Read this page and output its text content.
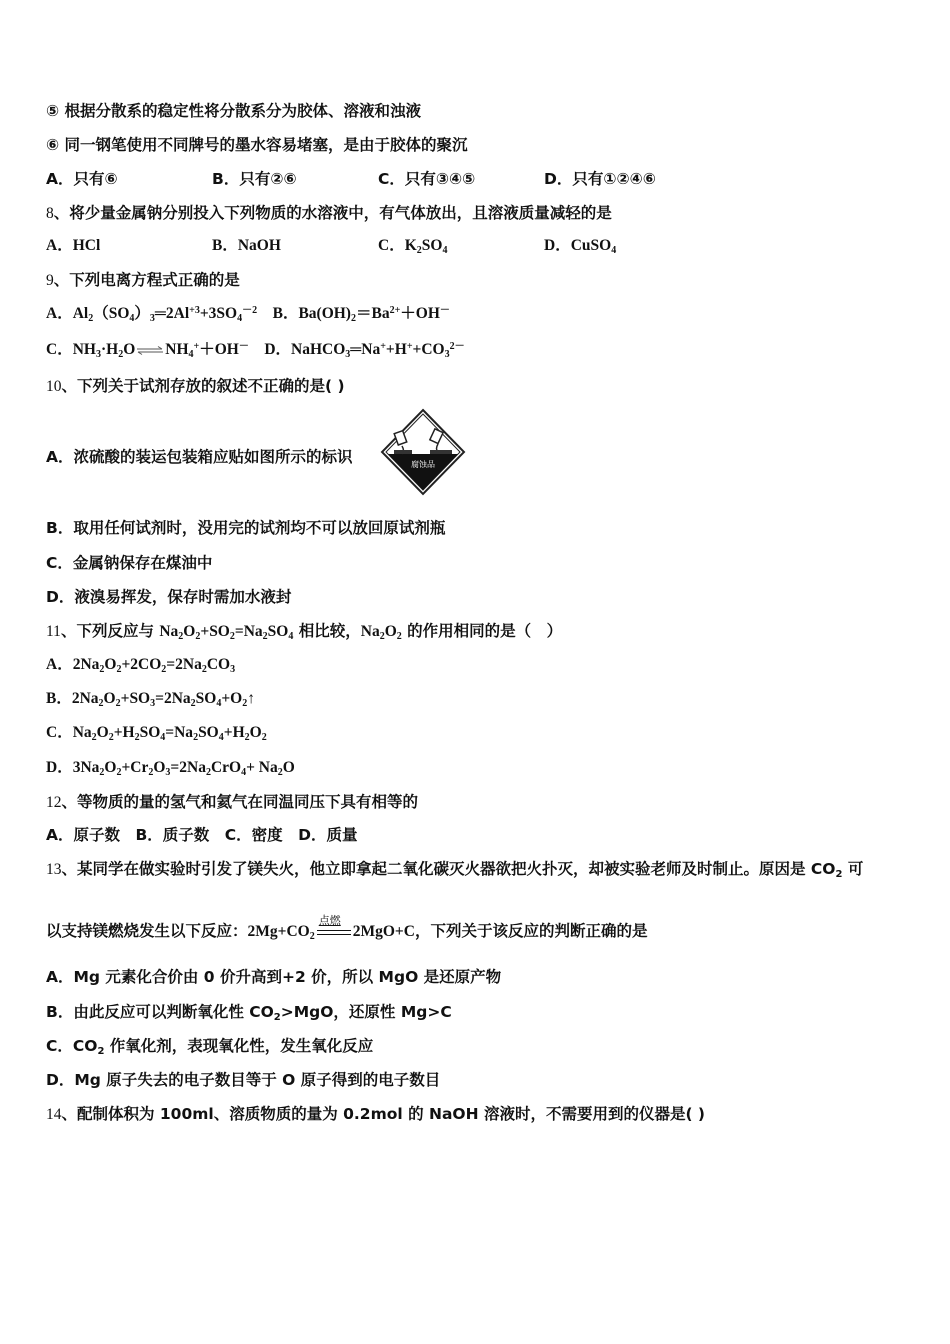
⑤ 根据分散系的稳定性将分散系分为胶体、溶液和浊液
⑥ 同一钢笔使用不同牌号的墨水容易堵塞，是由于胶体的聚沉
A．只有⑥	B．只有②⑥	C．只有③④⑤	D．只有①②④⑥
8、将少量金属钠分别投入下列物质的水溶液中，有气体放出，且溶液质量减轻的是
A．HCl	B．NaOH	C．$K_2SO_4$	D．CuSO$_4$
9、下列电离方程式正确的是
A．$Al_2(SO_4)_3═2Al^{+3}+3SO_4^{-2}$　B．$Ba(OH)_2=Ba^{2+}+OH^-$
C．$NH_3\cdot H_2O\rightleftharpoons NH_4^++OH^-$　D．$NaHCO_3═Na^++H^++CO_3^{2-}$
10、下列关于试剂存放的叙述不正确的是( )
A．浓硫酸的装运包装箱应贴如图所示的标识	腐蚀品
B．取用任何试剂时，没用完的试剂均不可以放回原试剂瓶
C．金属钠保存在煤油中
D．液溴易挥发，保存时需加水液封
11、下列反应与 $Na_2O_2+SO_2=Na_2SO_4$ 相比较，$Na_2O_2$ 的作用相同的是（　）
A．$2Na_2O_2+2CO_2=2Na_2CO_3$
B．$2Na_2O_2+SO_3=2Na_2SO_4+O_2↑$
C．$Na_2O_2+H_2SO_4=Na_2SO_4+H_2O_2$
D．$3Na_2O_2+Cr_2O_3=2Na_2CrO_4+ Na_2O$
12、等物质的量的氢气和氦气在同温同压下具有相等的
A．原子数　B．质子数　C．密度　D．质量
13、某同学在做实验时引发了镁失火，他立即拿起二氧化碳灭火器欲把火扑灭，却被实验老师及时制止。原因是 $CO_2$ 可
以支持镁燃烧发生以下反应：$2Mg+CO_2$
点燃
2MgO+C，下列关于该反应的判断正确的是
A．Mg 元素化合价由 0 价升高到+2 价，所以 MgO 是还原产物
B．由此反应可以判断氧化性 $CO_2>MgO$，还原性 Mg>C
C．$CO_2$ 作氧化剂，表现氧化性，发生氧化反应
D．Mg 原子失去的电子数目等于 O 原子得到的电子数目
14、配制体积为 100ml、溶质物质的量为 0.2mol 的 NaOH 溶液时，不需要用到的仪器是( )
